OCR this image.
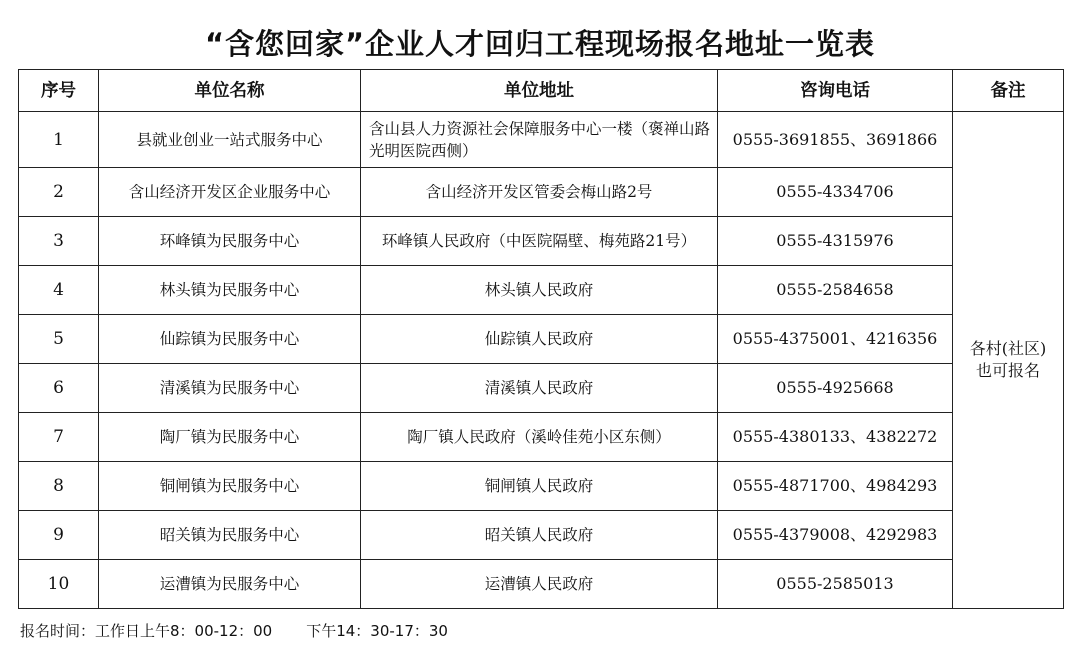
“含您回家”企业人才回归工程现场报名地址一览表
序号	单位名称	单位地址	咨询电话	备注
1	县就业创业一站式服务中心	含山县人力资源社会保障服务中心一楼（褒禅山路光明医院西侧）	0555-3691855、3691866	各村(社区)
也可报名

2	含山经济开发区企业服务中心	含山经济开发区管委会梅山路2号	0555-4334706	
3	环峰镇为民服务中心	环峰镇人民政府（中医院隔壁、梅苑路21号）	0555-4315976	
4	林头镇为民服务中心	林头镇人民政府	0555-2584658	
5	仙踪镇为民服务中心	仙踪镇人民政府	0555-4375001、4216356	
6	清溪镇为民服务中心	清溪镇人民政府	0555-4925668	
7	陶厂镇为民服务中心	陶厂镇人民政府（溪岭佳苑小区东侧）	0555-4380133、4382272	
8	铜闸镇为民服务中心	铜闸镇人民政府	0555-4871700、4984293	
9	昭关镇为民服务中心	昭关镇人民政府	0555-4379008、4292983	
10	运漕镇为民服务中心	运漕镇人民政府	0555-2585013	
报名时间：工作日上午8：00-12：00 下午14：30-17：30
